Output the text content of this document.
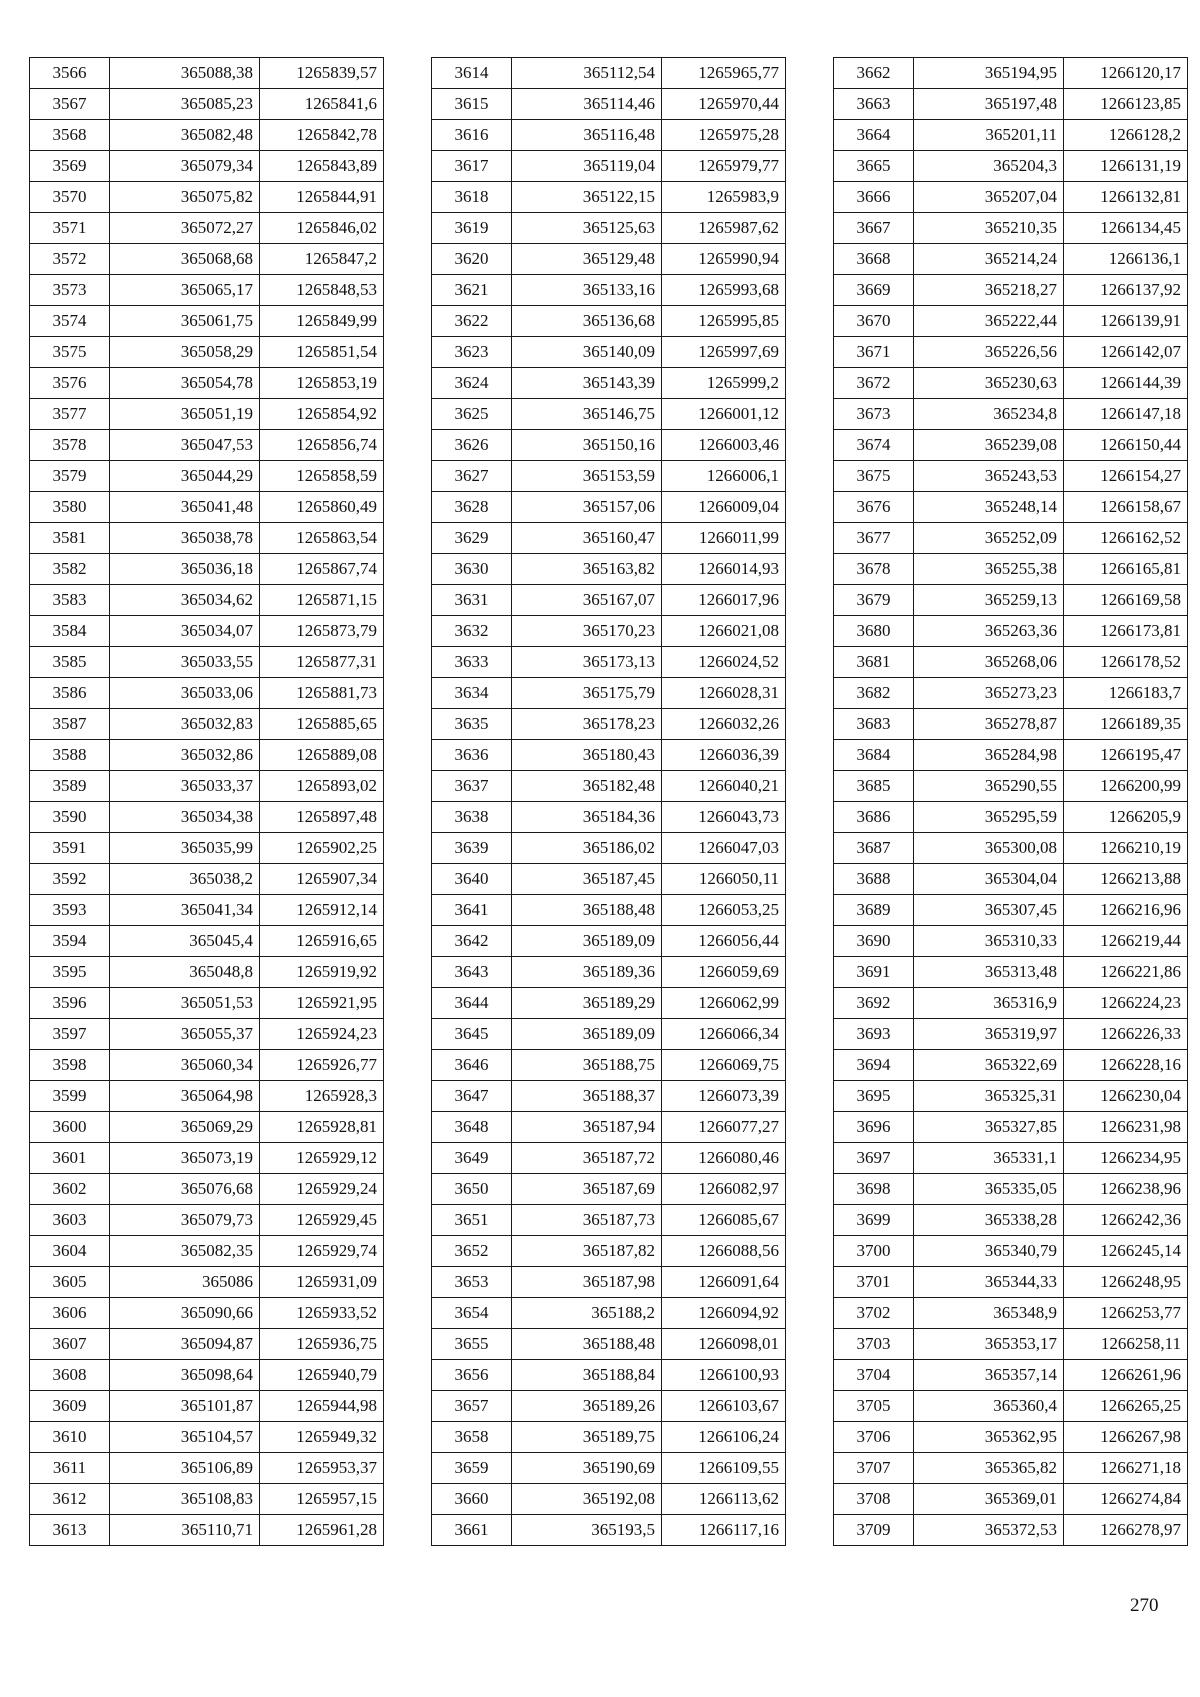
3566	365088,38	1265839,57
3567	365085,23	1265841,6
3568	365082,48	1265842,78
3569	365079,34	1265843,89
3570	365075,82	1265844,91
3571	365072,27	1265846,02
3572	365068,68	1265847,2
3573	365065,17	1265848,53
3574	365061,75	1265849,99
3575	365058,29	1265851,54
3576	365054,78	1265853,19
3577	365051,19	1265854,92
3578	365047,53	1265856,74
3579	365044,29	1265858,59
3580	365041,48	1265860,49
3581	365038,78	1265863,54
3582	365036,18	1265867,74
3583	365034,62	1265871,15
3584	365034,07	1265873,79
3585	365033,55	1265877,31
3586	365033,06	1265881,73
3587	365032,83	1265885,65
3588	365032,86	1265889,08
3589	365033,37	1265893,02
3590	365034,38	1265897,48
3591	365035,99	1265902,25
3592	365038,2	1265907,34
3593	365041,34	1265912,14
3594	365045,4	1265916,65
3595	365048,8	1265919,92
3596	365051,53	1265921,95
3597	365055,37	1265924,23
3598	365060,34	1265926,77
3599	365064,98	1265928,3
3600	365069,29	1265928,81
3601	365073,19	1265929,12
3602	365076,68	1265929,24
3603	365079,73	1265929,45
3604	365082,35	1265929,74
3605	365086	1265931,09
3606	365090,66	1265933,52
3607	365094,87	1265936,75
3608	365098,64	1265940,79
3609	365101,87	1265944,98
3610	365104,57	1265949,32
3611	365106,89	1265953,37
3612	365108,83	1265957,15
3613	365110,71	1265961,28
3614	365112,54	1265965,77
3615	365114,46	1265970,44
3616	365116,48	1265975,28
3617	365119,04	1265979,77
3618	365122,15	1265983,9
3619	365125,63	1265987,62
3620	365129,48	1265990,94
3621	365133,16	1265993,68
3622	365136,68	1265995,85
3623	365140,09	1265997,69
3624	365143,39	1265999,2
3625	365146,75	1266001,12
3626	365150,16	1266003,46
3627	365153,59	1266006,1
3628	365157,06	1266009,04
3629	365160,47	1266011,99
3630	365163,82	1266014,93
3631	365167,07	1266017,96
3632	365170,23	1266021,08
3633	365173,13	1266024,52
3634	365175,79	1266028,31
3635	365178,23	1266032,26
3636	365180,43	1266036,39
3637	365182,48	1266040,21
3638	365184,36	1266043,73
3639	365186,02	1266047,03
3640	365187,45	1266050,11
3641	365188,48	1266053,25
3642	365189,09	1266056,44
3643	365189,36	1266059,69
3644	365189,29	1266062,99
3645	365189,09	1266066,34
3646	365188,75	1266069,75
3647	365188,37	1266073,39
3648	365187,94	1266077,27
3649	365187,72	1266080,46
3650	365187,69	1266082,97
3651	365187,73	1266085,67
3652	365187,82	1266088,56
3653	365187,98	1266091,64
3654	365188,2	1266094,92
3655	365188,48	1266098,01
3656	365188,84	1266100,93
3657	365189,26	1266103,67
3658	365189,75	1266106,24
3659	365190,69	1266109,55
3660	365192,08	1266113,62
3661	365193,5	1266117,16
3662	365194,95	1266120,17
3663	365197,48	1266123,85
3664	365201,11	1266128,2
3665	365204,3	1266131,19
3666	365207,04	1266132,81
3667	365210,35	1266134,45
3668	365214,24	1266136,1
3669	365218,27	1266137,92
3670	365222,44	1266139,91
3671	365226,56	1266142,07
3672	365230,63	1266144,39
3673	365234,8	1266147,18
3674	365239,08	1266150,44
3675	365243,53	1266154,27
3676	365248,14	1266158,67
3677	365252,09	1266162,52
3678	365255,38	1266165,81
3679	365259,13	1266169,58
3680	365263,36	1266173,81
3681	365268,06	1266178,52
3682	365273,23	1266183,7
3683	365278,87	1266189,35
3684	365284,98	1266195,47
3685	365290,55	1266200,99
3686	365295,59	1266205,9
3687	365300,08	1266210,19
3688	365304,04	1266213,88
3689	365307,45	1266216,96
3690	365310,33	1266219,44
3691	365313,48	1266221,86
3692	365316,9	1266224,23
3693	365319,97	1266226,33
3694	365322,69	1266228,16
3695	365325,31	1266230,04
3696	365327,85	1266231,98
3697	365331,1	1266234,95
3698	365335,05	1266238,96
3699	365338,28	1266242,36
3700	365340,79	1266245,14
3701	365344,33	1266248,95
3702	365348,9	1266253,77
3703	365353,17	1266258,11
3704	365357,14	1266261,96
3705	365360,4	1266265,25
3706	365362,95	1266267,98
3707	365365,82	1266271,18
3708	365369,01	1266274,84
3709	365372,53	1266278,97
270
